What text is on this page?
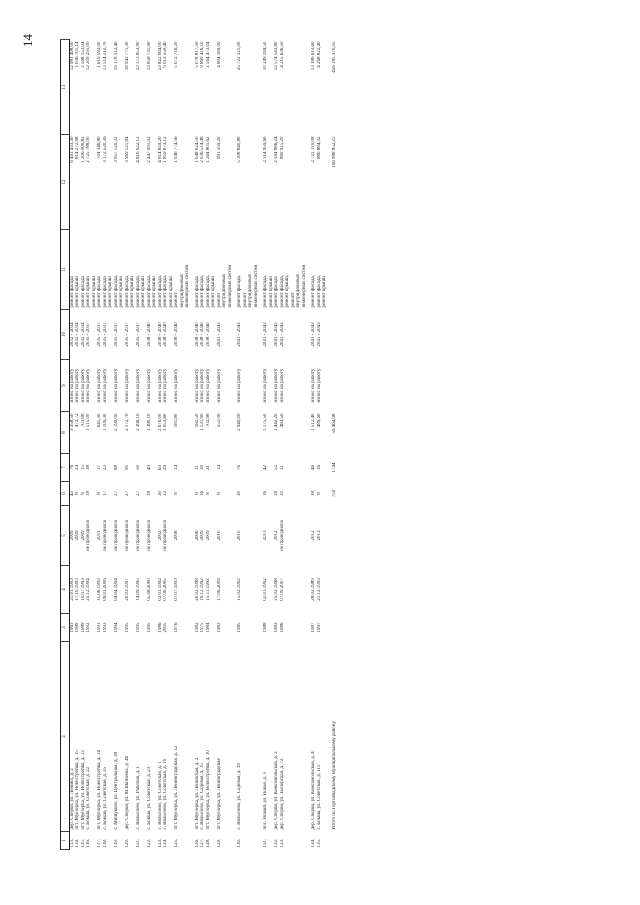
14
1	2	3	4	5	6	7	8	9	10	11	12	13
113.	дер. Сперки, ул. Ленина, д. 2	1963	21.01.1993	2009	45	76	3 358,50	износ на работу	2032 - 2034	ремонт фасада	6 493 433,30	12 981 498,00
114.	пгт. Муезерка, ул. Новостройка, д. 15	1989	17.10.1993	2009	8	24	472,72	износ на работу	2032 - 2034	ремонт крыши	814 272,98	1 036 701,14
115.	пгт. Муезерка, ул. Новостройка, д. 12	1989	10.07.1993	2009	8	15	703,08	износ на работу	2032 - 2034	ремонт фасада	1 206 000,82	2 568 153,04
116.	с. Бокша, ул. Советская, д. 22	1992	25.12.1994	не проводился	18	38	1 515,00	износ на работу	2035 - 2037	ремонт крыши	2 725 788,00	12 209 295,00
										ремонт крыши		
117.	пгт. Муезерка, ул. Новостройка, д. 14	1991	11.06.1993	2011	8	17	641,30	износ на работу	2035 - 2037	ремонт фасада	704 346,80	1 619 592,00
118.	с. Бокша, ул. Советская, д. 25	1993	09.01.2006	не проводился	17	23	1 109,30	износ на работу	2035 - 2037	ремонт фасада	3 172 520,36	13 514 212,70
										ремонт крыши		
119.	с. Мишуково, ул. Центральная, д. 38	1994	04.04.1994	не проводился	27	88	2 199,00	износ на работу	2035 - 2037	ремонт фасада,	3 957 120,32	19 178 312,40
										ремонт крыши		
120.	дер. Сперки, ул. М.Матвеева, д. 46	1995	20.03.1997	не проводился	27	90	2 172,70	износ на работу	2035 - 2037	ремонт фасада,	3 969 121,84	18 943 771,30
										ремонт крыши		
121.	с. Вяльозево, ул. Рабочая, д. 1	1995	14.09.1995	не проводился	27	50	2 366,10	износ на работу	2035 - 2037	ремонт фасада,	4 616 922,12	23 373 853,90
										ремонт крыши		
122.	с. Бокша, ул. Советская, д. 23	1995	05.08.2000	не проводился	18	49	1 380,10	износ на работу	2038 - 2040	ремонт фасада,	2 447 091,92	13 858 731,90
										ремонт крыши		
123.	с. Вяльозево, ул. Советская, д. 1	1986	02.01.1992	2002	30	63	2 676,00	износ на работу	2038 - 2040	ремонт фасада,	4 814 659,20	23 822 064,00
124.	с. Вяльозево, ул. Советская, д. 10	2005	07.06.2005	не проводился	12	29	1 053,60	износ на работу	2038 - 2040	ремонт фасада,	1 859 673,12	9 013 550,40
										ремонт крыши		
125.	пгт. Муезерка, ул. Ленинградская, д. 12	1976	07.07.1993	2008	8	14	581,80	износ на работу	2038 - 2040	ремонт	1 046 774,56	5 072 716,20
										внутридомовых		
										инженерных систем		

126.	пгт. Муезерка, ул. Ленинская, д. 2	1982	20.02.1998	2006	8	11	582,50	износ на работу	2038 - 2040	ремонт фасада	1 048 024,50	5 078 817,50
127.	с. Вяльозево, ул. Садовая, д. 15	1975	19.12.1992	2009	16	39	1 131,90	износ на работу	2038 - 2040	ремонт фасада,	2 036 514,48	9 869 416,10
128.	пгт. Муезерка, ул. Новостройка, д. 10	1984	15.11.1992	2009	8	21	702,98	износ на работу	2038 - 2040	ремонт фасада,	1 264 801,62	2 564 473,04
										ремонт крыши		
129.	пгт. Муезерка, ул. Ленинградская	1983	17.06.2009	2010	8	14	551,00	износ на работу	2041 - 2043	ремонт	991 359,20	4 804 169,00
										внутридомовых		
										инженерных систем		

130.	с. Вяльозево, ул. Садовая, д. 19	1985	15.02.1992	2010	30	76	2 940,00	износ на работу	2041 - 2043	ремонт фасада,	5 308 840,80	25 722 321,00
										ремонт		
										внутридомовых		
										инженерных систем		

131.	пос. Новый, ул. Новая, д. 3	1988	02.01.1992	2011	16	42	1 175,50	износ на работу	2041 - 2043	ремонт фасада,	2 114 959,60	10 249 184,50
										ремонт крыши		
132.	дер. Сперки, ул. Комсомольская, д. 2	1983	25.02.1998	2012	18	52	1 442,20	износ на работу	2041 - 2043	ремонт фасада	2 594 886,24	12 574 543,80
133.	дер. Сперки, ул. Заозерская, д. 72	1986	07.09.2007	не проводился	10	11	483,50	износ на работу	2041 - 2043	ремонт фасада,	869 915,20	4 215 636,50
										ремонт крыши,		
										ремонт		
										внутридомовых		
										инженерных систем		

134.	дер. Сперки, ул. Комсомольская, д. 4	1987	28.02.1989	2012	18	46	1 512,40	износ на работу	2041 - 2043	ремонт фасада,	2 721 110,08	13 186 613,60
135.	с. Бокша, ул. Советская, д. 115	1997	21.12.1993	2013	8	16	489,60	износ на работу	2041 - 2043	ремонт фасада,	880 884,32	4 268 822,40
										ремонт крыши		

	Итого по Гергиевадскому муниципальному району				759	1744	59 464,08				106 988 852,25	456 185 370,05
